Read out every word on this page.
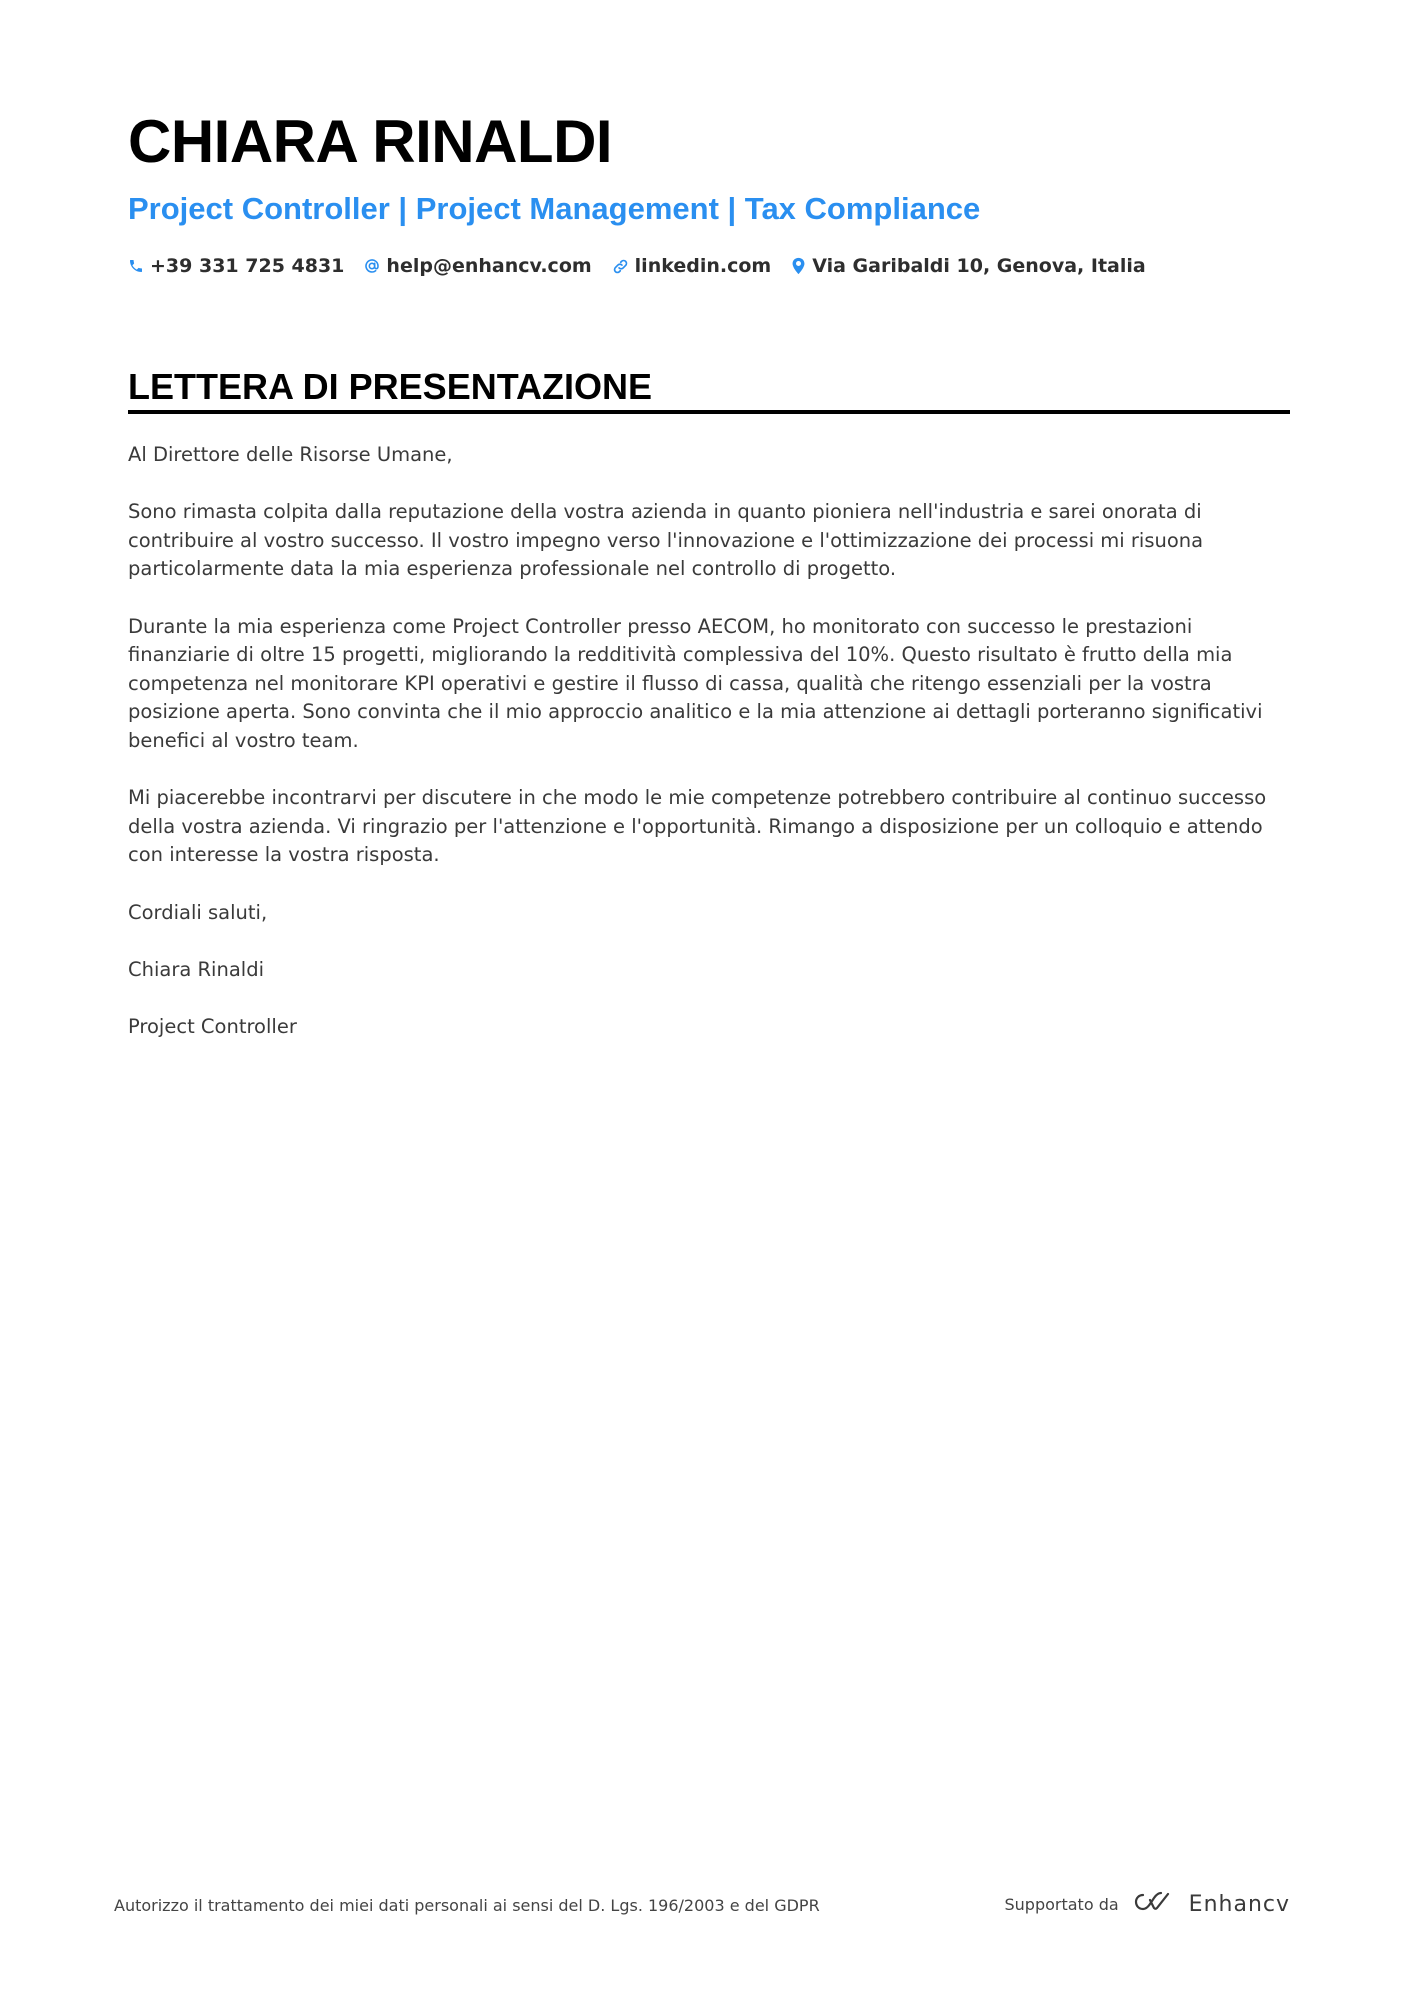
CHIARA RINALDI
Project Controller | Project Management | Tax Compliance
+39 331 725 4831 help@enhancv.com linkedin.com Via Garibaldi 10, Genova, Italia
LETTERA DI PRESENTAZIONE

Al Direttore delle Risorse Umane,

Sono rimasta colpita dalla reputazione della vostra azienda in quanto pioniera nell'industria e sarei onorata di contribuire al vostro successo. Il vostro impegno verso l'innovazione e l'ottimizzazione dei processi mi risuona particolarmente data la mia esperienza professionale nel controllo di progetto.

Durante la mia esperienza come Project Controller presso AECOM, ho monitorato con successo le prestazioni finanziarie di oltre 15 progetti, migliorando la redditività complessiva del 10%. Questo risultato è frutto della mia competenza nel monitorare KPI operativi e gestire il flusso di cassa, qualità che ritengo essenziali per la vostra posizione aperta. Sono convinta che il mio approccio analitico e la mia attenzione ai dettagli porteranno significativi benefici al vostro team.

Mi piacerebbe incontrarvi per discutere in che modo le mie competenze potrebbero contribuire al continuo successo della vostra azienda. Vi ringrazio per l'attenzione e l'opportunità. Rimango a disposizione per un colloquio e attendo con interesse la vostra risposta.

Cordiali saluti,

Chiara Rinaldi

Project Controller

Autorizzo il trattamento dei miei dati personali ai sensi del D. Lgs. 196/2003 e del GDPR	Supportato da	Enhancv
